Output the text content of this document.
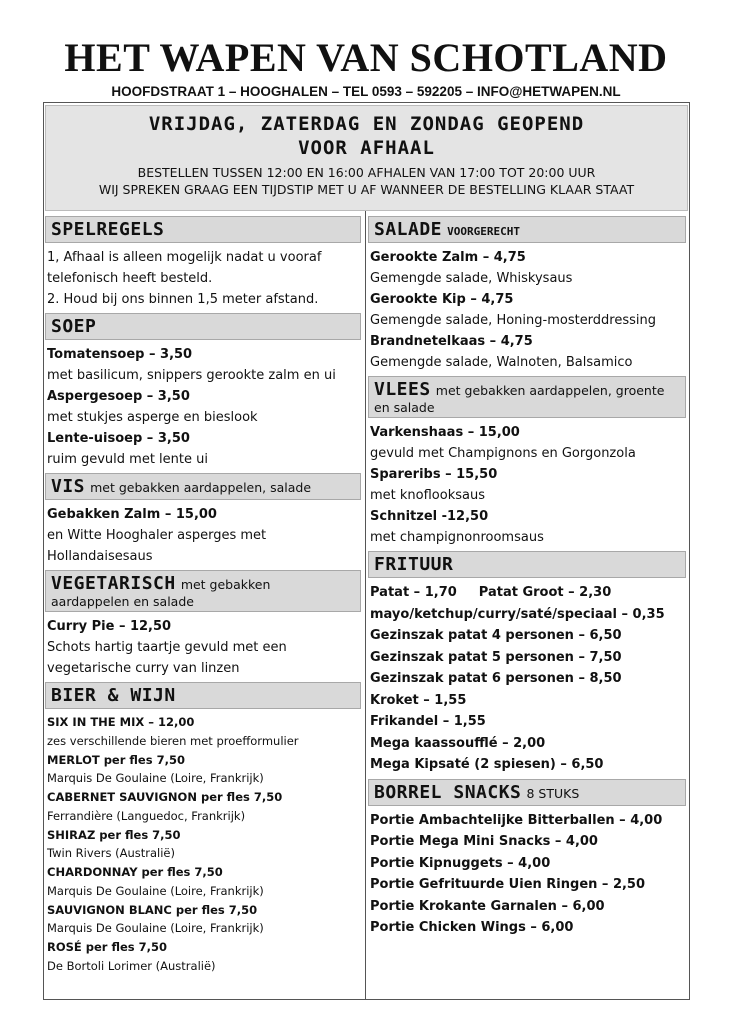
HET WAPEN VAN SCHOTLAND
HOOFDSTRAAT 1 – HOOGHALEN – TEL 0593 – 592205 – INFO@HETWAPEN.NL
VRIJDAG, ZATERDAG EN ZONDAG GEOPEND
VOOR AFHAAL
BESTELLEN TUSSEN 12:00 EN 16:00 AFHALEN VAN 17:00 TOT 20:00 UUR
WIJ SPREKEN GRAAG EEN TIJDSTIP MET U AF WANNEER DE BESTELLING KLAAR STAAT
SPELREGELS
1, Afhaal is alleen mogelijk nadat u vooraf
telefonisch heeft besteld.
2. Houd bij ons binnen 1,5 meter afstand.
SOEP
Tomatensoep – 3,50
met basilicum, snippers gerookte zalm en ui
Aspergesoep – 3,50
met stukjes asperge en bieslook
Lente-uisoep – 3,50
ruim gevuld met lente ui
VIS met gebakken aardappelen, salade
Gebakken Zalm – 15,00
en Witte Hooghaler asperges met
Hollandaisesaus
VEGETARISCH met gebakken
aardappelen en salade
Curry Pie – 12,50
Schots hartig taartje gevuld met een
vegetarische curry van linzen
BIER & WIJN
SIX IN THE MIX – 12,00
zes verschillende bieren met proefformulier
MERLOT per fles 7,50
Marquis De Goulaine (Loire, Frankrijk)
CABERNET SAUVIGNON per fles 7,50
Ferrandière (Languedoc, Frankrijk)
SHIRAZ per fles 7,50
Twin Rivers (Australië)
CHARDONNAY per fles 7,50
Marquis De Goulaine (Loire, Frankrijk)
SAUVIGNON BLANC per fles 7,50
Marquis De Goulaine (Loire, Frankrijk)
ROSÉ per fles 7,50
De Bortoli Lorimer (Australië)
SALADE VOORGERECHT
Gerookte Zalm – 4,75
Gemengde salade, Whiskysaus
Gerookte Kip – 4,75
Gemengde salade, Honing-mosterddressing
Brandnetelkaas – 4,75
Gemengde salade, Walnoten, Balsamico
VLEES met gebakken aardappelen, groente
en salade
Varkenshaas – 15,00
gevuld met Champignons en Gorgonzola
Spareribs – 15,50
met knoflooksaus
Schnitzel -12,50
met champignonroomsaus
FRITUUR
Patat – 1,70 Patat Groot – 2,30
mayo/ketchup/curry/saté/speciaal – 0,35
Gezinszak patat 4 personen – 6,50
Gezinszak patat 5 personen – 7,50
Gezinszak patat 6 personen – 8,50
Kroket – 1,55
Frikandel – 1,55
Mega kaassoufflé – 2,00
Mega Kipsaté (2 spiesen) – 6,50
BORREL SNACKS 8 STUKS
Portie Ambachtelijke Bitterballen – 4,00
Portie Mega Mini Snacks – 4,00
Portie Kipnuggets – 4,00
Portie Gefrituurde Uien Ringen – 2,50
Portie Krokante Garnalen – 6,00
Portie Chicken Wings – 6,00
